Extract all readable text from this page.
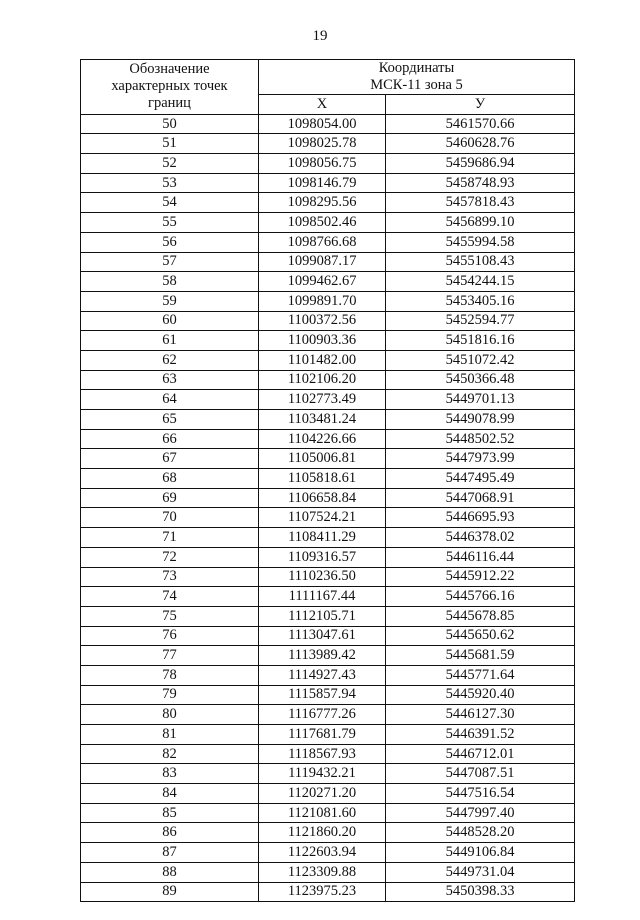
19
Обозначение
характерных точек
границ	Координаты
МСК-11 зона 5	

	X	У
50	1098054.00	5461570.66
51	1098025.78	5460628.76
52	1098056.75	5459686.94
53	1098146.79	5458748.93
54	1098295.56	5457818.43
55	1098502.46	5456899.10
56	1098766.68	5455994.58
57	1099087.17	5455108.43
58	1099462.67	5454244.15
59	1099891.70	5453405.16
60	1100372.56	5452594.77
61	1100903.36	5451816.16
62	1101482.00	5451072.42
63	1102106.20	5450366.48
64	1102773.49	5449701.13
65	1103481.24	5449078.99
66	1104226.66	5448502.52
67	1105006.81	5447973.99
68	1105818.61	5447495.49
69	1106658.84	5447068.91
70	1107524.21	5446695.93
71	1108411.29	5446378.02
72	1109316.57	5446116.44
73	1110236.50	5445912.22
74	1111167.44	5445766.16
75	1112105.71	5445678.85
76	1113047.61	5445650.62
77	1113989.42	5445681.59
78	1114927.43	5445771.64
79	1115857.94	5445920.40
80	1116777.26	5446127.30
81	1117681.79	5446391.52
82	1118567.93	5446712.01
83	1119432.21	5447087.51
84	1120271.20	5447516.54
85	1121081.60	5447997.40
86	1121860.20	5448528.20
87	1122603.94	5449106.84
88	1123309.88	5449731.04
89	1123975.23	5450398.33
